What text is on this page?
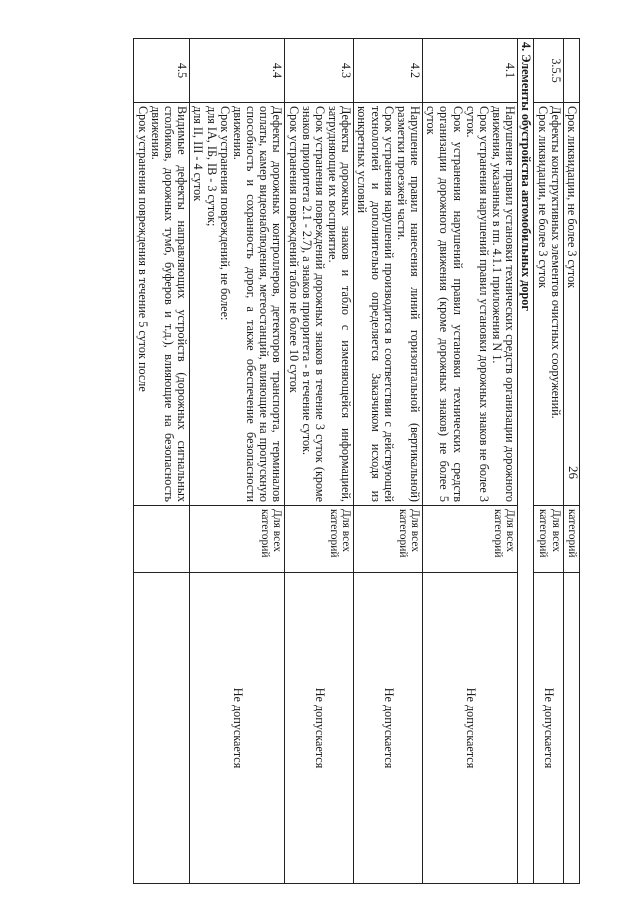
26

	Срок ликвидации, не более 3 суток	категорий	
3.5.5	Дефекты конструктивных элементов очистных сооружений.

Срок ликвидации, не более 3 суток	Для всех категорий	Не допускается
4. Элементы обустройства автомобильных дорог			
4.1	Нарушение правил установки технических средств организации дорожного движения, указанных в пп. 4.1.1 приложения N 1.

Срок устранения нарушений правил установки дорожных знаков не более 3 суток.

Срок устранения нарушений правил установки технических средств организации дорожного движения (кроме дорожных знаков) не более 5 суток	Для всех категорий	Не допускается
4.2	Нарушение правил нанесения линий горизонтальной (вертикальной) разметки проезжей части.

Срок устранения нарушений производится в соответствии с действующей технологией и дополнительно определяется Заказчиком исходя из конкретных условий	Для всех категорий	Не допускается
4.3	Дефекты дорожных знаков и табло с изменяющейся информацией, затрудняющие их восприятие.

Срок устранения повреждений дорожных знаков в течение 3 суток (кроме знаков приоритета 2.1 - 2.7), а знаков приоритета - в течение суток.

Срок устранения повреждений табло не более 10 суток	Для всех категорий	Не допускается
4.4	Дефекты дорожных контроллеров, детекторов транспорта, терминалов оплаты, камер видеонаблюдения, метеостанций, влияющие на пропускную способность и сохранность дорог, а также обеспечение безопасности движения.

Срок устранения повреждений, не более:

для IА, IБ, IВ - 3 суток;

для II, III - 4 суток	Для всех категорий	Не допускается
4.5	Видимые дефекты направляющих устройств (дорожных сигнальных столбиков, дорожных тумб, буферов и т.д.), влияющие на безопасность движения.

Срок устранения повреждения в течение 5 суток после		
